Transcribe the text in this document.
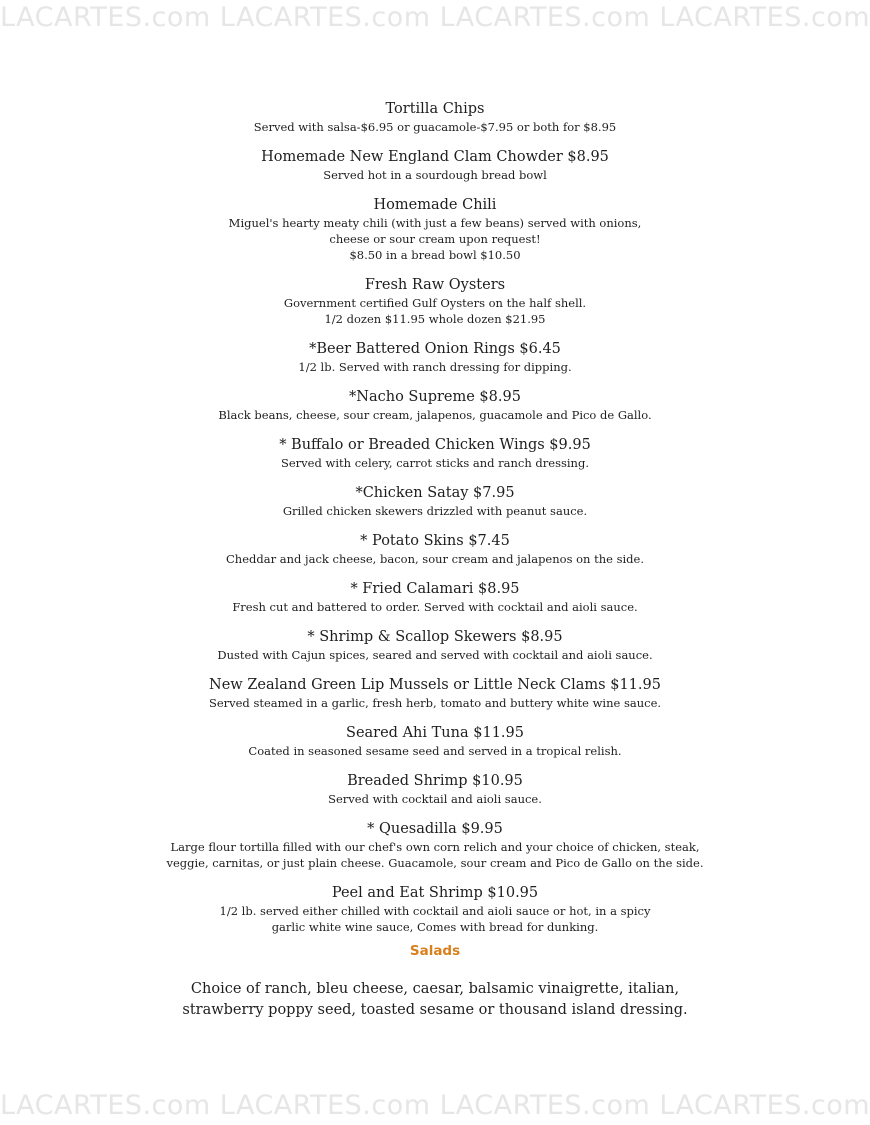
LACARTES.com LACARTES.com LACARTES.com LACARTES.com
Tortilla Chips
Served with salsa-$6.95 or guacamole-$7.95 or both for $8.95
Homemade New England Clam Chowder $8.95
Served hot in a sourdough bread bowl
Homemade Chili
Miguel's hearty meaty chili (with just a few beans) served with onions,
cheese or sour cream upon request!
$8.50 in a bread bowl $10.50
Fresh Raw Oysters
Government certified Gulf Oysters on the half shell.
1/2 dozen $11.95 whole dozen $21.95
*Beer Battered Onion Rings $6.45
1/2 lb. Served with ranch dressing for dipping.
*Nacho Supreme $8.95
Black beans, cheese, sour cream, jalapenos, guacamole and Pico de Gallo.
* Buffalo or Breaded Chicken Wings $9.95
Served with celery, carrot sticks and ranch dressing.
*Chicken Satay $7.95
Grilled chicken skewers drizzled with peanut sauce.
* Potato Skins $7.45
Cheddar and jack cheese, bacon, sour cream and jalapenos on the side.
* Fried Calamari $8.95
Fresh cut and battered to order. Served with cocktail and aioli sauce.
* Shrimp & Scallop Skewers $8.95
Dusted with Cajun spices, seared and served with cocktail and aioli sauce.
New Zealand Green Lip Mussels or Little Neck Clams $11.95
Served steamed in a garlic, fresh herb, tomato and buttery white wine sauce.
Seared Ahi Tuna $11.95
Coated in seasoned sesame seed and served in a tropical relish.
Breaded Shrimp $10.95
Served with cocktail and aioli sauce.
* Quesadilla $9.95
Large flour tortilla filled with our chef's own corn relich and your choice of chicken, steak,
veggie, carnitas, or just plain cheese. Guacamole, sour cream and Pico de Gallo on the side.
Peel and Eat Shrimp $10.95
1/2 lb. served either chilled with cocktail and aioli sauce or hot, in a spicy
garlic white wine sauce, Comes with bread for dunking.
Salads
Choice of ranch, bleu cheese, caesar, balsamic vinaigrette, italian,
strawberry poppy seed, toasted sesame or thousand island dressing.
LACARTES.com LACARTES.com LACARTES.com LACARTES.com
